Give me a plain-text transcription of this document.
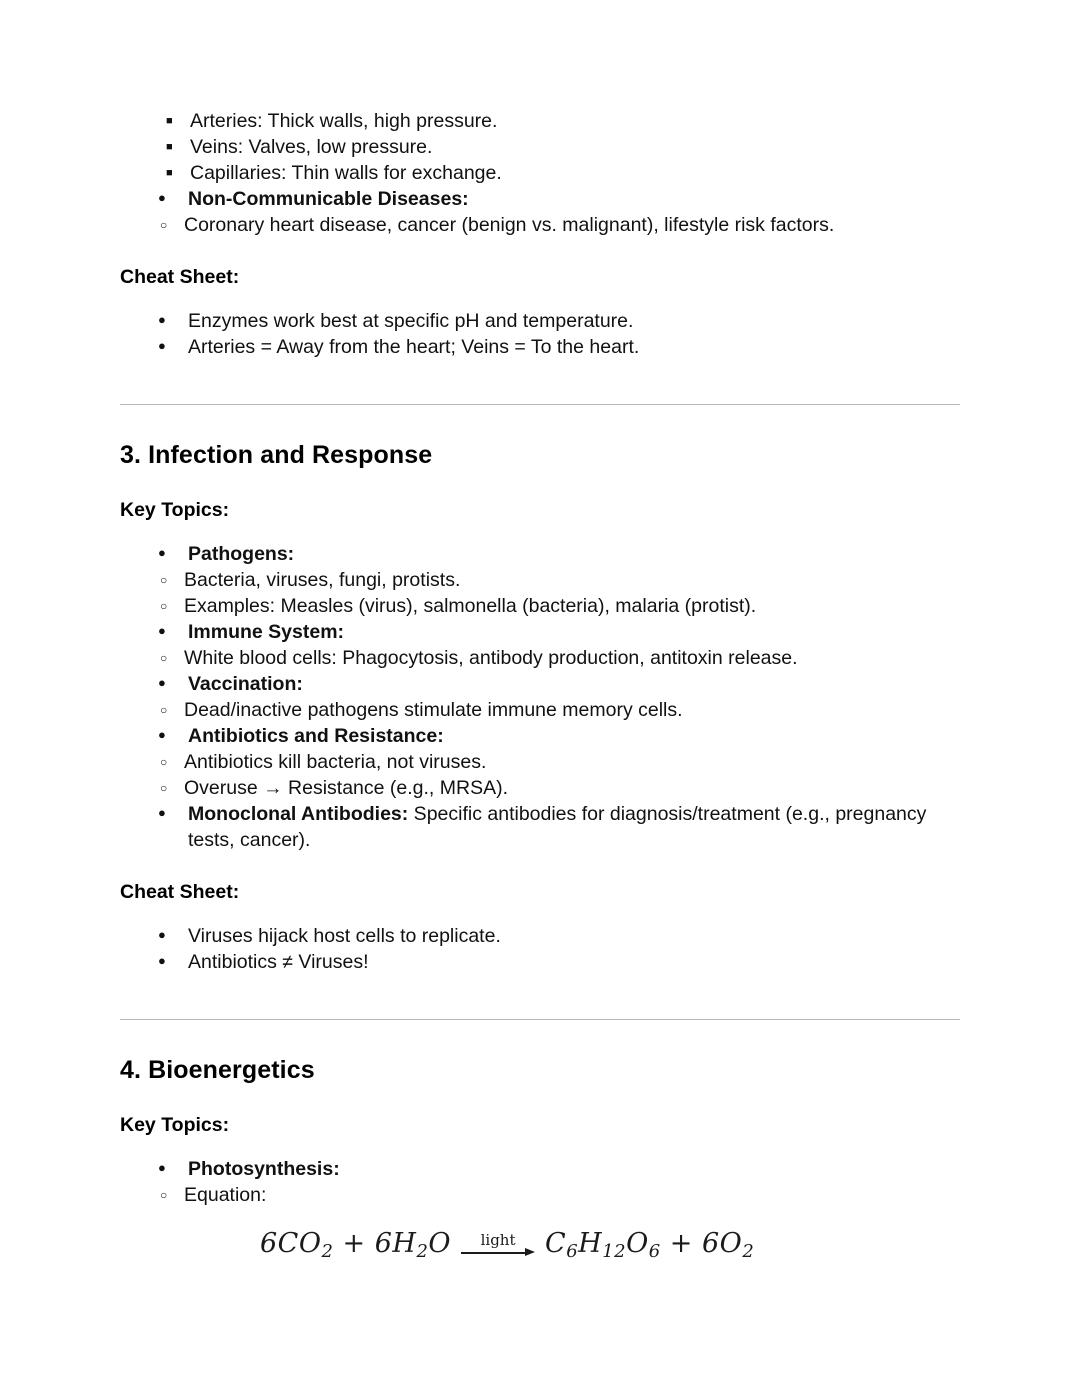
■ Arteries: Thick walls, high pressure.
■ Veins: Valves, low pressure.
■ Capillaries: Thin walls for exchange.
● Non-Communicable Diseases:
○ Coronary heart disease, cancer (benign vs. malignant), lifestyle risk factors.

Cheat Sheet:

● Enzymes work best at specific pH and temperature.
● Arteries = Away from the heart; Veins = To the heart.
3. Infection and Response

Key Topics:

● Pathogens:
○ Bacteria, viruses, fungi, protists.
○ Examples: Measles (virus), salmonella (bacteria), malaria (protist).
● Immune System:
○ White blood cells: Phagocytosis, antibody production, antitoxin release.
● Vaccination:
○ Dead/inactive pathogens stimulate immune memory cells.
● Antibiotics and Resistance:
○ Antibiotics kill bacteria, not viruses.
○ Overuse → Resistance (e.g., MRSA).
● Monoclonal Antibodies: Specific antibodies for diagnosis/treatment (e.g., pregnancy tests, cancer).

Cheat Sheet:

● Viruses hijack host cells to replicate.
● Antibiotics ≠ Viruses!
4. Bioenergetics

Key Topics:

● Photosynthesis:
○ Equation:
$6CO_2 + 6H_2O$ light $C_6H_{12}O_6 + 6O_2$
